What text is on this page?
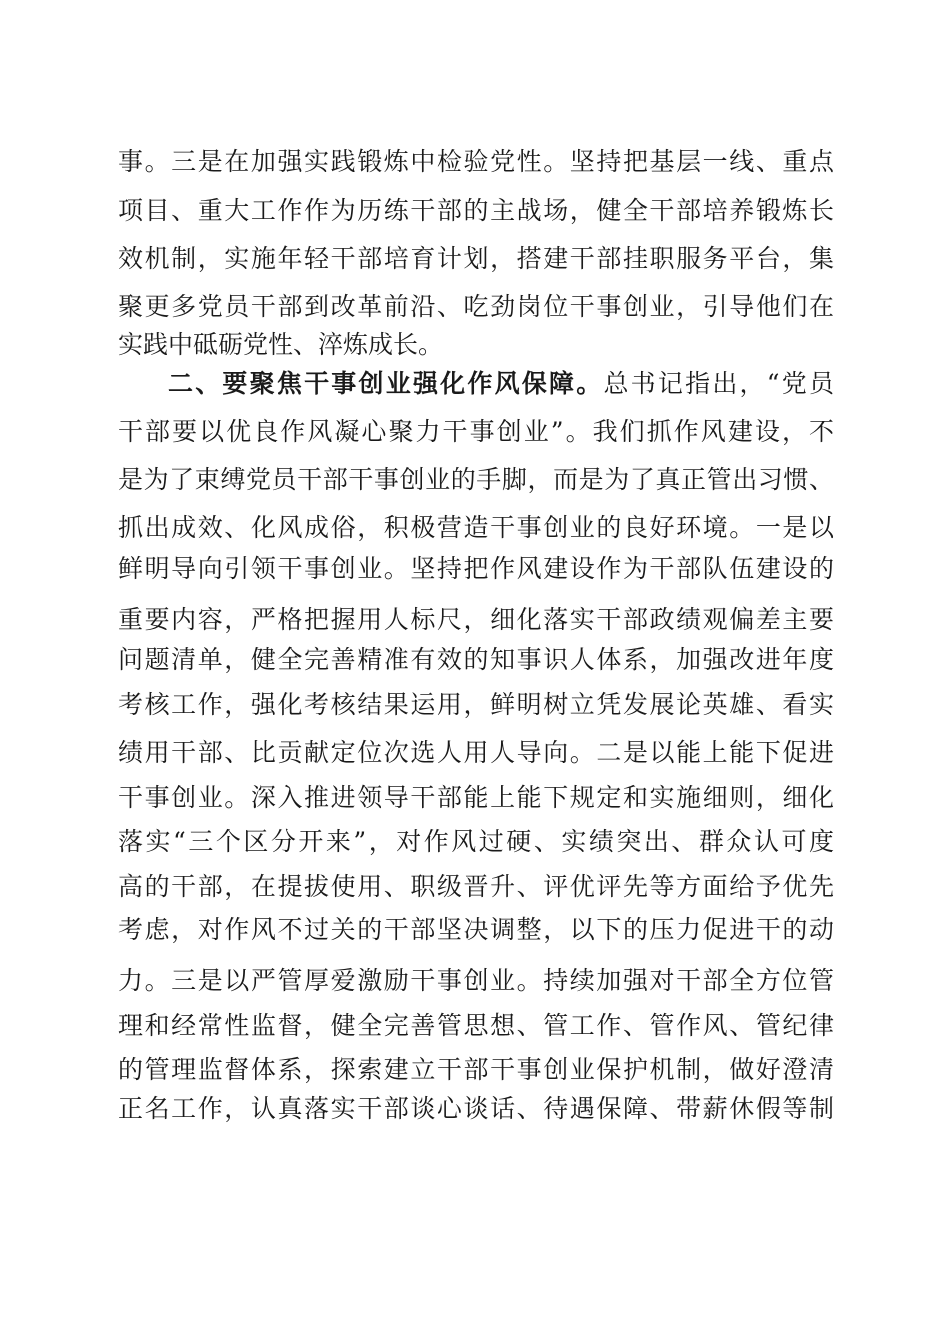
事。三是在加强实践锻炼中检验党性。坚持把基层一线、重点
项目、重大工作作为历练干部的主战场，健全干部培养锻炼长
效机制，实施年轻干部培育计划，搭建干部挂职服务平台，集
聚更多党员干部到改革前沿、吃劲岗位干事创业，引导他们在
实践中砥砺党性、淬炼成长。
二、要聚焦干事创业强化作风保障。总书记指出，“党员
干部要以优良作风凝心聚力干事创业”。我们抓作风建设，不
是为了束缚党员干部干事创业的手脚，而是为了真正管出习惯、
抓出成效、化风成俗，积极营造干事创业的良好环境。一是以
鲜明导向引领干事创业。坚持把作风建设作为干部队伍建设的
重要内容，严格把握用人标尺，细化落实干部政绩观偏差主要
问题清单，健全完善精准有效的知事识人体系，加强改进年度
考核工作，强化考核结果运用，鲜明树立凭发展论英雄、看实
绩用干部、比贡献定位次选人用人导向。二是以能上能下促进
干事创业。深入推进领导干部能上能下规定和实施细则，细化
落实“三个区分开来”，对作风过硬、实绩突出、群众认可度
高的干部，在提拔使用、职级晋升、评优评先等方面给予优先
考虑，对作风不过关的干部坚决调整，以下的压力促进干的动
力。三是以严管厚爱激励干事创业。持续加强对干部全方位管
理和经常性监督，健全完善管思想、管工作、管作风、管纪律
的管理监督体系，探索建立干部干事创业保护机制，做好澄清
正名工作，认真落实干部谈心谈话、待遇保障、带薪休假等制
